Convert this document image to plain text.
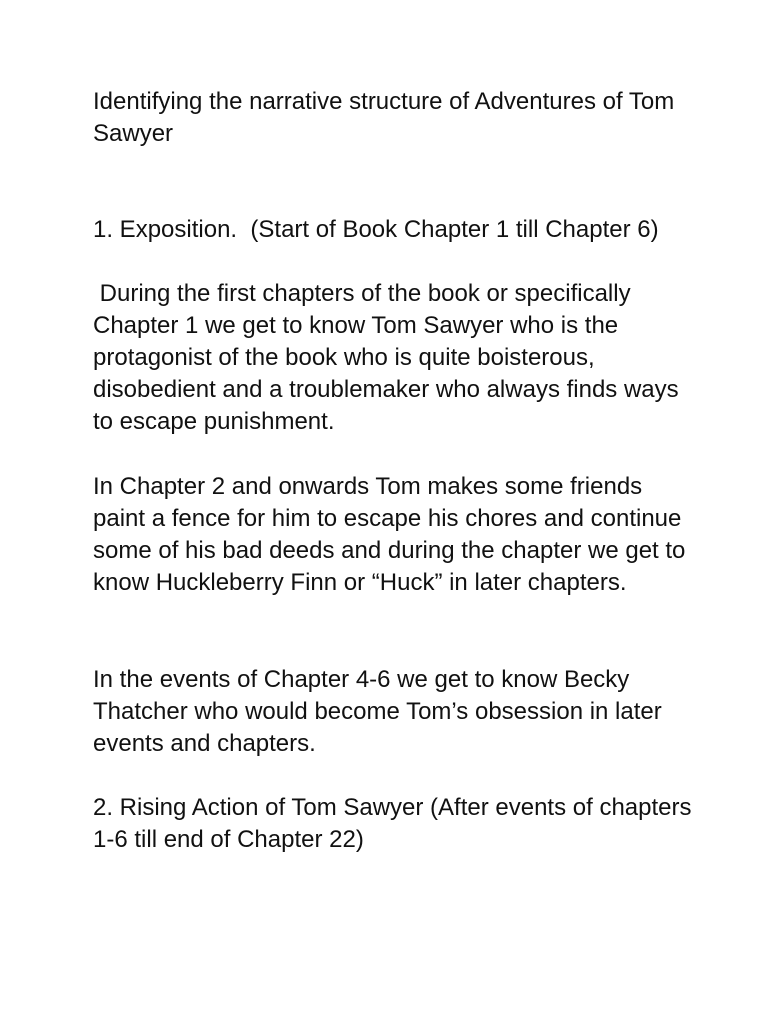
Identifying the narrative structure of Adventures of Tom Sawyer

1. Exposition.  (Start of Book Chapter 1 till Chapter 6)

During the first chapters of the book or specifically Chapter 1 we get to know Tom Sawyer who is the protagonist of the book who is quite boisterous, disobedient and a troublemaker who always finds ways to escape punishment.

In Chapter 2 and onwards Tom makes some friends paint a fence for him to escape his chores and continue some of his bad deeds and during the chapter we get to know Huckleberry Finn or “Huck” in later chapters.

In the events of Chapter 4-6 we get to know Becky Thatcher who would become Tom’s obsession in later events and chapters.

2. Rising Action of Tom Sawyer (After events of chapters 1-6 till end of Chapter 22)
